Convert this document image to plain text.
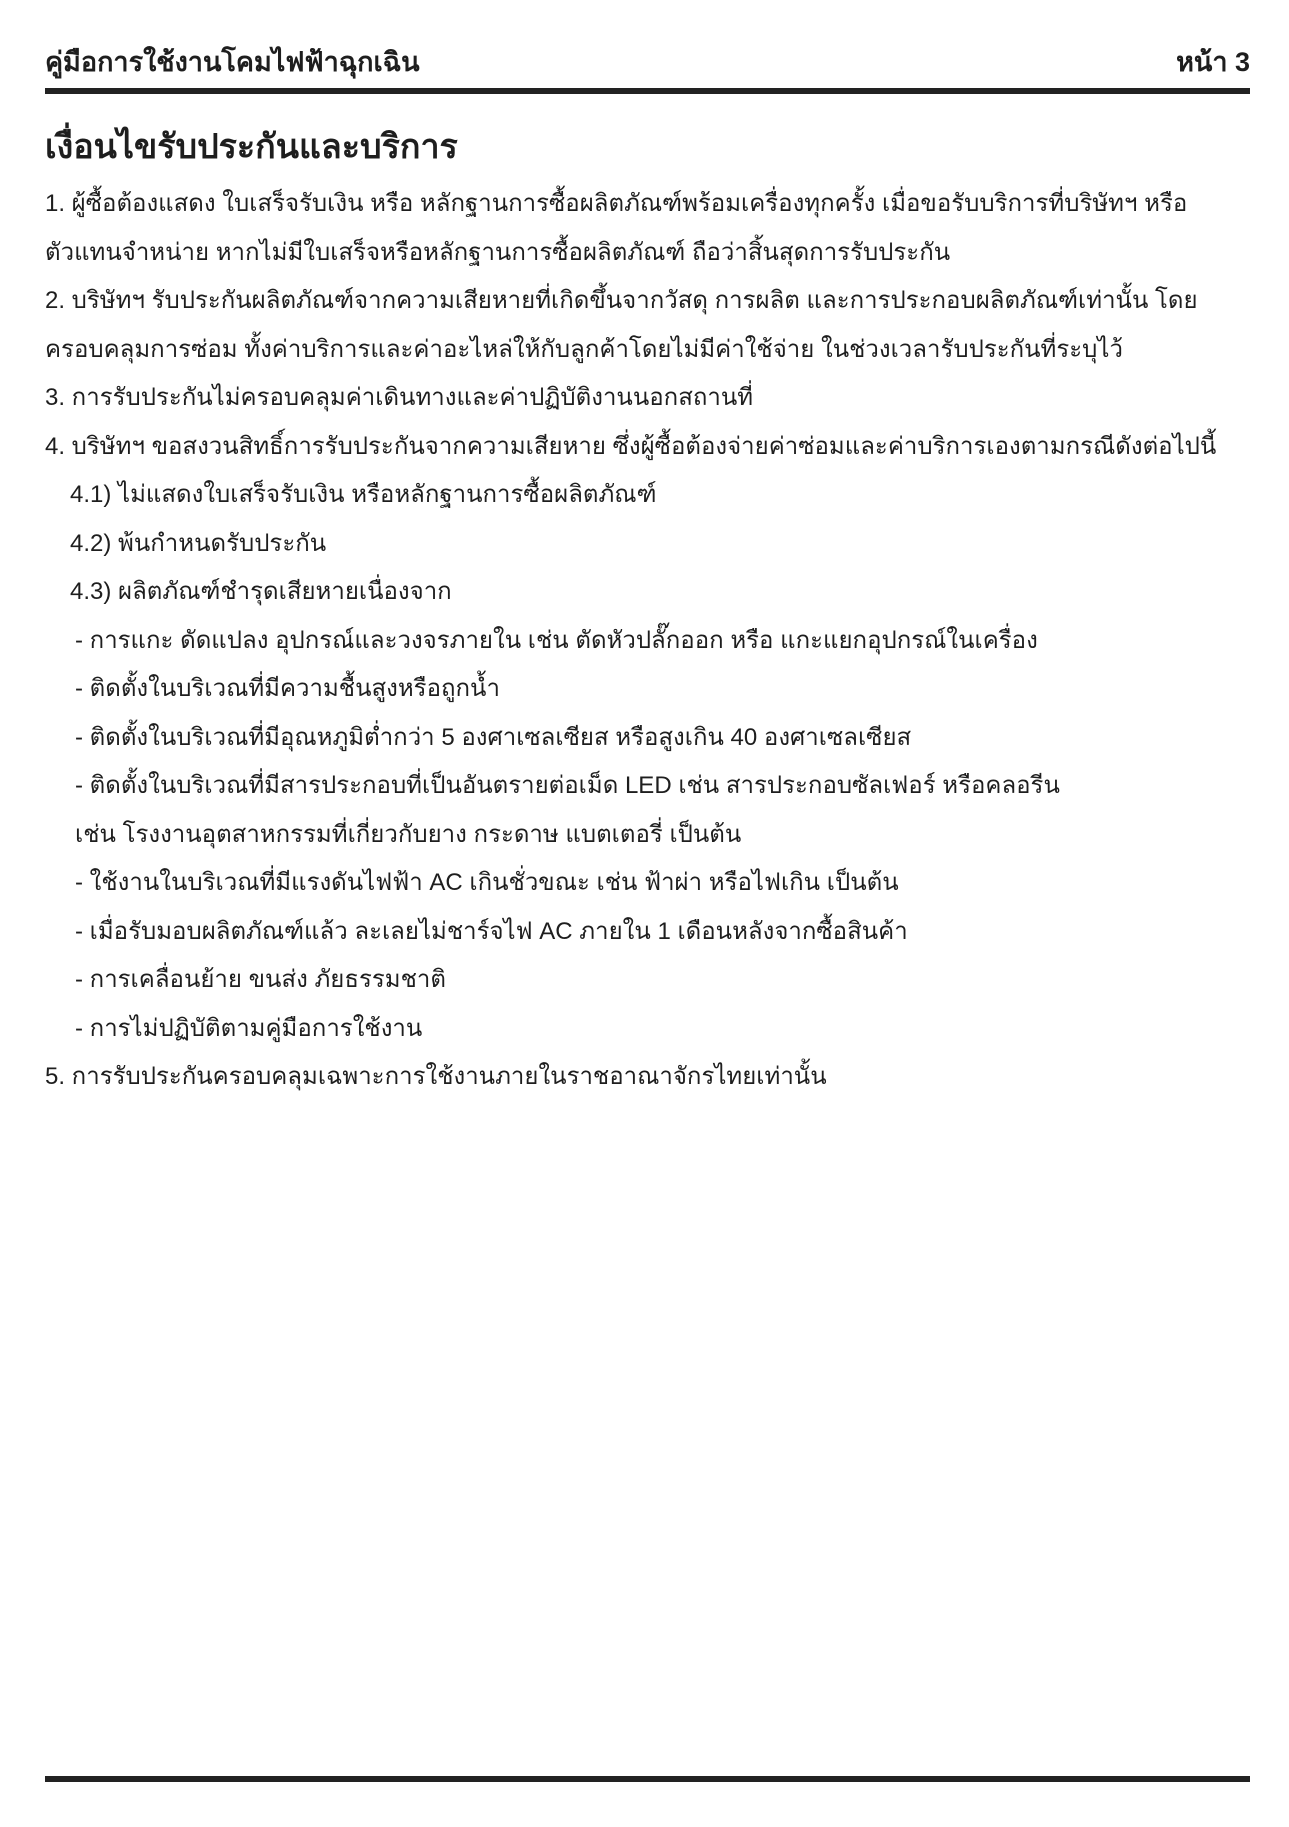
คู่มือการใช้งานโคมไฟฟ้าฉุกเฉิน	หน้า 3
เงื่อนไขรับประกันและบริการ
1. ผู้ซื้อต้องแสดง ใบเสร็จรับเงิน หรือ หลักฐานการซื้อผลิตภัณฑ์พร้อมเครื่องทุกครั้ง เมื่อขอรับบริการที่บริษัทฯ หรือ
ตัวแทนจำหน่าย หากไม่มีใบเสร็จหรือหลักฐานการซื้อผลิตภัณฑ์ ถือว่าสิ้นสุดการรับประกัน
2. บริษัทฯ รับประกันผลิตภัณฑ์จากความเสียหายที่เกิดขึ้นจากวัสดุ การผลิต และการประกอบผลิตภัณฑ์เท่านั้น โดย
ครอบคลุมการซ่อม ทั้งค่าบริการและค่าอะไหล่ให้กับลูกค้าโดยไม่มีค่าใช้จ่าย ในช่วงเวลารับประกันที่ระบุไว้
3. การรับประกันไม่ครอบคลุมค่าเดินทางและค่าปฏิบัติงานนอกสถานที่
4. บริษัทฯ ขอสงวนสิทธิ์การรับประกันจากความเสียหาย ซึ่งผู้ซื้อต้องจ่ายค่าซ่อมและค่าบริการเองตามกรณีดังต่อไปนี้
4.1) ไม่แสดงใบเสร็จรับเงิน หรือหลักฐานการซื้อผลิตภัณฑ์
4.2) พ้นกำหนดรับประกัน
4.3) ผลิตภัณฑ์ชำรุดเสียหายเนื่องจาก
- การแกะ ดัดแปลง อุปกรณ์และวงจรภายใน เช่น ตัดหัวปลั๊กออก หรือ แกะแยกอุปกรณ์ในเครื่อง
- ติดตั้งในบริเวณที่มีความชื้นสูงหรือถูกน้ำ
- ติดตั้งในบริเวณที่มีอุณหภูมิต่ำกว่า 5 องศาเซลเซียส หรือสูงเกิน 40 องศาเซลเซียส
- ติดตั้งในบริเวณที่มีสารประกอบที่เป็นอันตรายต่อเม็ด LED เช่น สารประกอบซัลเฟอร์ หรือคลอรีน
เช่น โรงงานอุตสาหกรรมที่เกี่ยวกับยาง กระดาษ แบตเตอรี่ เป็นต้น
- ใช้งานในบริเวณที่มีแรงดันไฟฟ้า AC เกินชั่วขณะ เช่น ฟ้าผ่า หรือไฟเกิน เป็นต้น
- เมื่อรับมอบผลิตภัณฑ์แล้ว ละเลยไม่ชาร์จไฟ AC ภายใน 1 เดือนหลังจากซื้อสินค้า
- การเคลื่อนย้าย ขนส่ง ภัยธรรมชาติ
- การไม่ปฏิบัติตามคู่มือการใช้งาน
5. การรับประกันครอบคลุมเฉพาะการใช้งานภายในราชอาณาจักรไทยเท่านั้น
